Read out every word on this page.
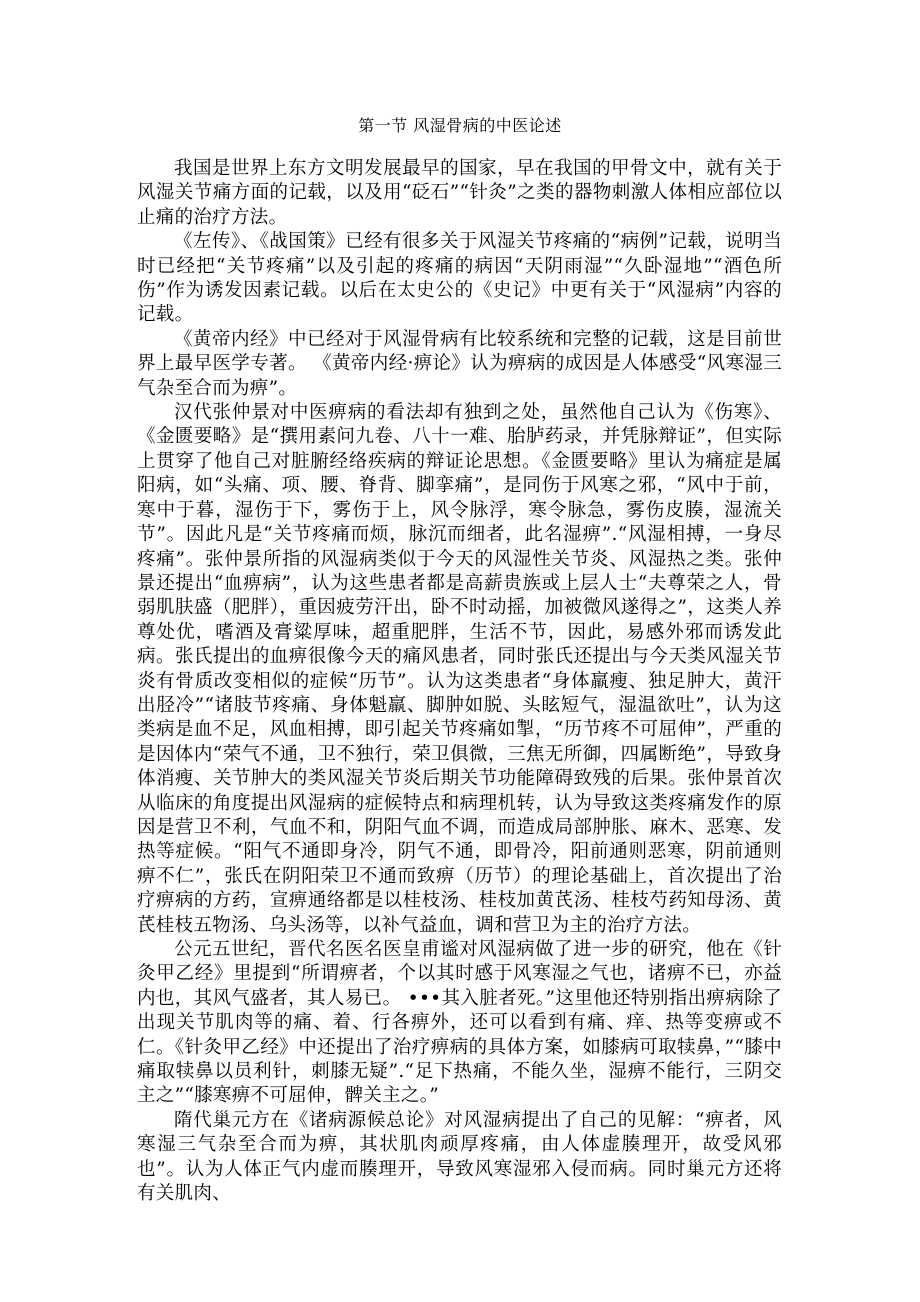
第一节 风湿骨病的中医论述

我国是世界上东方文明发展最早的国家，早在我国的甲骨文中，就有关于风湿关节痛方面的记载，以及用“砭石”“针灸”之类的器物刺激人体相应部位以止痛的治疗方法。

《左传》、《战国策》已经有很多关于风湿关节疼痛的“病例”记载，说明当时已经把“关节疼痛”以及引起的疼痛的病因“天阴雨湿”“久卧湿地”“酒色所伤”作为诱发因素记载。以后在太史公的《史记》中更有关于“风湿病”内容的记载。

《黄帝内经》中已经对于风湿骨病有比较系统和完整的记载，这是目前世界上最早医学专著。 《黄帝内经·痹论》认为痹病的成因是人体感受“风寒湿三气杂至合而为痹”。

汉代张仲景对中医痹病的看法却有独到之处，虽然他自己认为《伤寒》、《金匮要略》是“撰用素问九卷、八十一难、胎胪药录，并凭脉辩证”，但实际上贯穿了他自己对脏腑经络疾病的辩证论思想。《金匮要略》里认为痛症是属阳病，如“头痛、项、腰、脊背、脚挛痛”，是同伤于风寒之邪，“风中于前，寒中于暮，湿伤于下，雾伤于上，风令脉浮，寒令脉急，雾伤皮腠，湿流关节”。因此凡是“关节疼痛而烦，脉沉而细者，此名湿痹”.“风湿相搏，一身尽疼痛”。张仲景所指的风湿病类似于今天的风湿性关节炎、风湿热之类。张仲景还提出“血痹病”，认为这些患者都是高薪贵族或上层人士“夫尊荣之人，骨弱肌肤盛（肥胖），重因疲劳汗出，卧不时动摇，加被微风遂得之”，这类人养尊处优，嗜酒及膏粱厚味，超重肥胖，生活不节，因此，易感外邪而诱发此病。张氏提出的血痹很像今天的痛风患者，同时张氏还提出与今天类风湿关节炎有骨质改变相似的症候“历节”。认为这类患者“身体羸瘦、独足肿大，黄汗出胫冷”“诸肢节疼痛、身体魁羸、脚肿如脱、头眩短气，湿温欲吐”，认为这类病是血不足，风血相搏，即引起关节疼痛如掣，“历节疼不可屈伸”，严重的是因体内“荣气不通，卫不独行，荣卫俱微，三焦无所御，四属断绝”，导致身体消瘦、关节肿大的类风湿关节炎后期关节功能障碍致残的后果。张仲景首次从临床的角度提出风湿病的症候特点和病理机转，认为导致这类疼痛发作的原因是营卫不利，气血不和，阴阳气血不调，而造成局部肿胀、麻木、恶寒、发热等症候。“阳气不通即身冷，阴气不通，即骨冷，阳前通则恶寒，阴前通则痹不仁”，张氏在阴阳荣卫不通而致痹（历节）的理论基础上，首次提出了治疗痹病的方药，宣痹通络都是以桂枝汤、桂枝加黄芪汤、桂枝芍药知母汤、黄芪桂枝五物汤、乌头汤等，以补气益血，调和营卫为主的治疗方法。

公元五世纪，晋代名医名医皇甫谧对风湿病做了进一步的研究，他在《针灸甲乙经》里提到“所谓痹者，个以其时感于风寒湿之气也，诸痹不已，亦益内也，其风气盛者，其人易已。 •••其入脏者死。”这里他还特别指出痹病除了出现关节肌肉等的痛、着、行各痹外，还可以看到有痛、痒、热等变痹或不仁。《针灸甲乙经》中还提出了治疗痹病的具体方案，如膝病可取犊鼻，”“膝中痛取犊鼻以员利针，刺膝无疑”.“足下热痛，不能久坐，湿痹不能行，三阴交主之”“膝寒痹不可屈伸，髀关主之。”

隋代巢元方在《诸病源候总论》对风湿病提出了自己的见解：“痹者，风寒湿三气杂至合而为痹，其状肌肉顽厚疼痛，由人体虚腠理开，故受风邪也”。认为人体正气内虚而腠理开，导致风寒湿邪入侵而病。同时巢元方还将有关肌肉、
